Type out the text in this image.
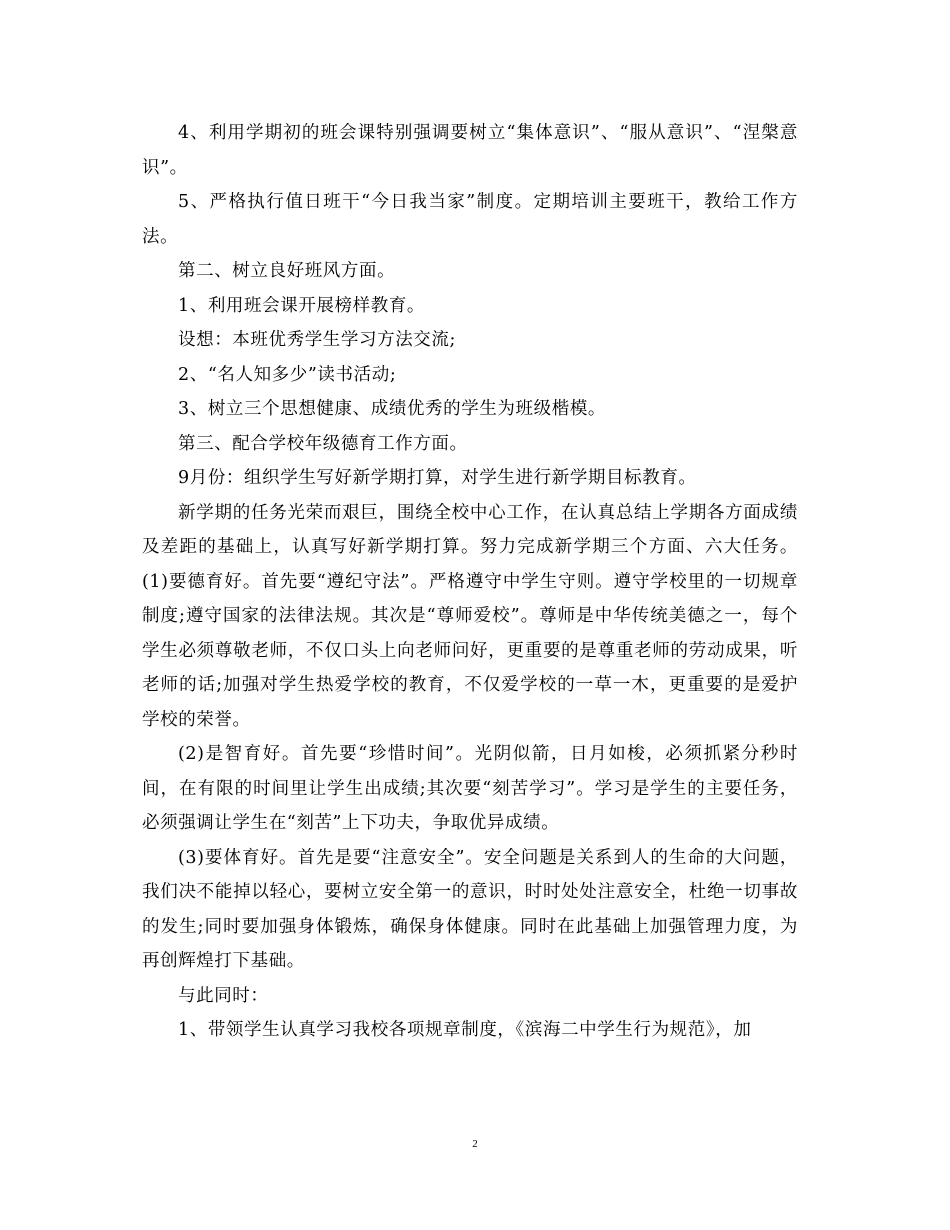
4、利用学期初的班会课特别强调要树立“集体意识”、“服从意识”、“涅槃意识”。

5、严格执行值日班干“今日我当家”制度。定期培训主要班干，教给工作方法。

第二、树立良好班风方面。

1、利用班会课开展榜样教育。

设想：本班优秀学生学习方法交流;

2、“名人知多少”读书活动;

3、树立三个思想健康、成绩优秀的学生为班级楷模。

第三、配合学校年级德育工作方面。

9月份：组织学生写好新学期打算，对学生进行新学期目标教育。

新学期的任务光荣而艰巨，围绕全校中心工作，在认真总结上学期各方面成绩及差距的基础上，认真写好新学期打算。努力完成新学期三个方面、六大任务。(1)要德育好。首先要“遵纪守法”。严格遵守中学生守则。遵守学校里的一切规章制度;遵守国家的法律法规。其次是“尊师爱校”。尊师是中华传统美德之一，每个学生必须尊敬老师，不仅口头上向老师问好，更重要的是尊重老师的劳动成果，听老师的话;加强对学生热爱学校的教育，不仅爱学校的一草一木，更重要的是爱护学校的荣誉。

(2)是智育好。首先要“珍惜时间”。光阴似箭，日月如梭，必须抓紧分秒时间，在有限的时间里让学生出成绩;其次要“刻苦学习”。学习是学生的主要任务，必须强调让学生在“刻苦”上下功夫，争取优异成绩。

(3)要体育好。首先是要“注意安全”。安全问题是关系到人的生命的大问题，我们决不能掉以轻心，要树立安全第一的意识，时时处处注意安全，杜绝一切事故的发生;同时要加强身体锻炼，确保身体健康。同时在此基础上加强管理力度，为再创辉煌打下基础。

与此同时：

1、带领学生认真学习我校各项规章制度，《滨海二中学生行为规范》，加

2
